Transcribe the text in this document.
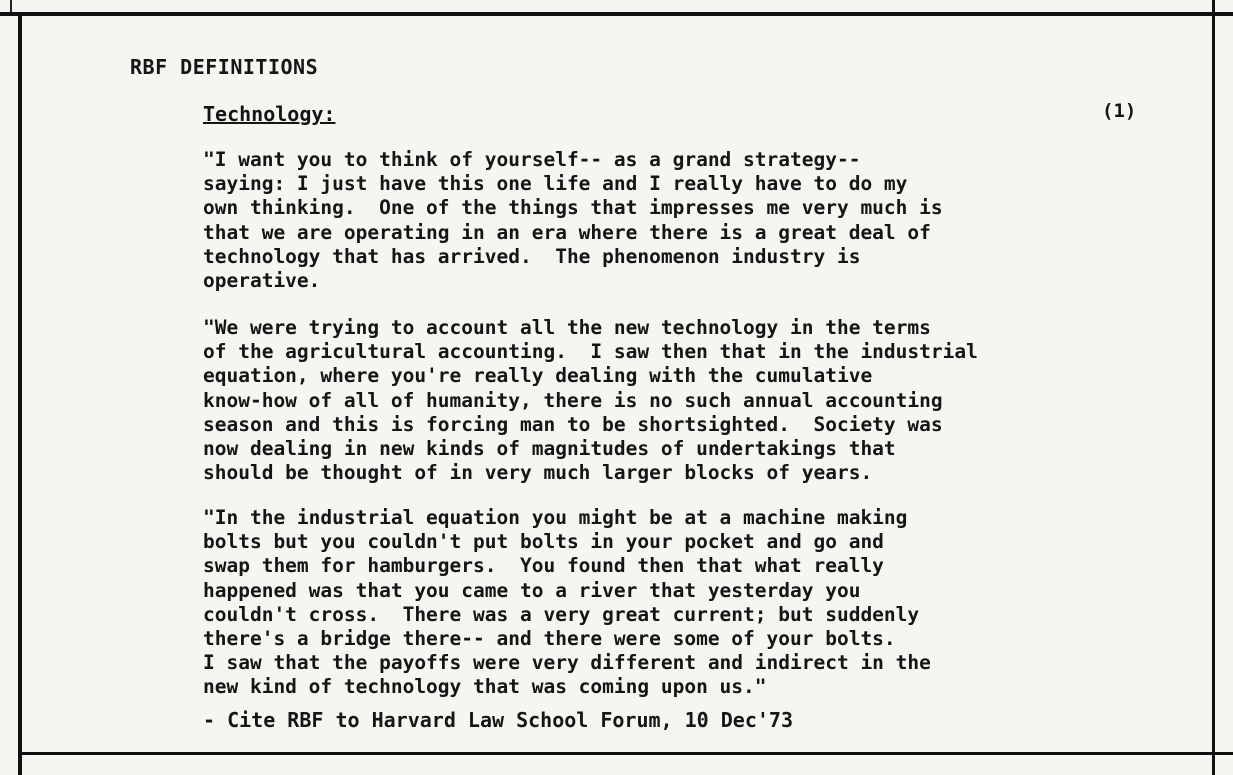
RBF DEFINITIONS
Technology:	(1)

"I want you to think of yourself-- as a grand strategy--
saying: I just have this one life and I really have to do my
own thinking.  One of the things that impresses me very much is
that we are operating in an era where there is a great deal of
technology that has arrived.  The phenomenon industry is
operative.

"We were trying to account all the new technology in the terms
of the agricultural accounting.  I saw then that in the industrial
equation, where you're really dealing with the cumulative
know-how of all of humanity, there is no such annual accounting
season and this is forcing man to be shortsighted.  Society was
now dealing in new kinds of magnitudes of undertakings that
should be thought of in very much larger blocks of years.

"In the industrial equation you might be at a machine making
bolts but you couldn't put bolts in your pocket and go and
swap them for hamburgers.  You found then that what really
happened was that you came to a river that yesterday you
couldn't cross.  There was a very great current; but suddenly
there's a bridge there-- and there were some of your bolts.
I saw that the payoffs were very different and indirect in the
new kind of technology that was coming upon us."

- Cite RBF to Harvard Law School Forum, 10 Dec'73
